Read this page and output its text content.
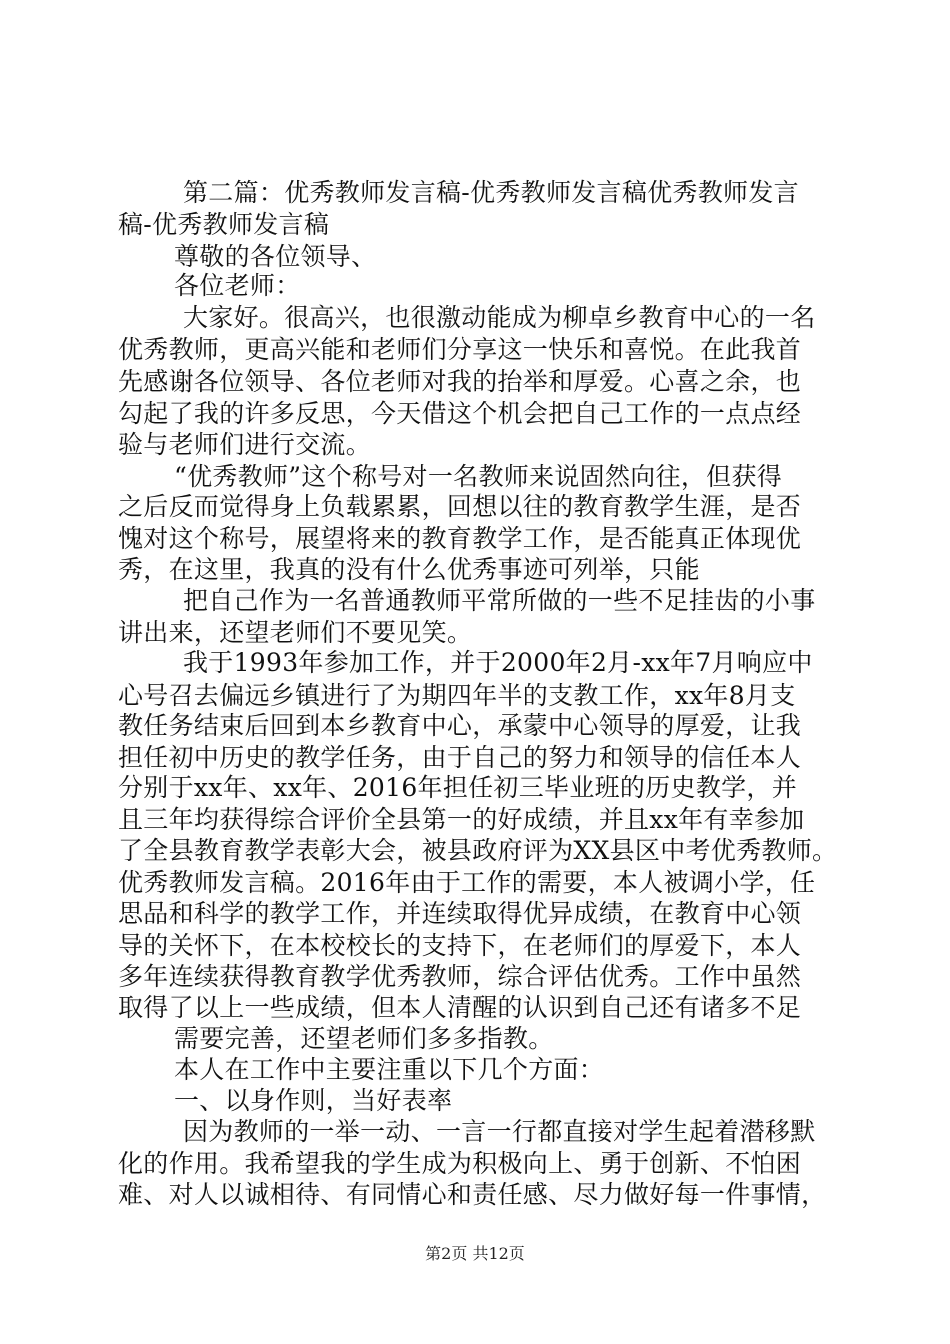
第二篇：优秀教师发言稿-优秀教师发言稿优秀教师发言
稿-优秀教师发言稿
尊敬的各位领导、
各位老师：
大家好。很高兴，也很激动能成为柳卓乡教育中心的一名
优秀教师，更高兴能和老师们分享这一快乐和喜悦。在此我首
先感谢各位领导、各位老师对我的抬举和厚爱。心喜之余，也
勾起了我的许多反思，今天借这个机会把自己工作的一点点经
验与老师们进行交流。
“优秀教师”这个称号对一名教师来说固然向往，但获得
之后反而觉得身上负载累累，回想以往的教育教学生涯，是否
愧对这个称号，展望将来的教育教学工作，是否能真正体现优
秀，在这里，我真的没有什么优秀事迹可列举，只能
把自己作为一名普通教师平常所做的一些不足挂齿的小事
讲出来，还望老师们不要见笑。
我于1993年参加工作，并于2000年2月-xx年7月响应中
心号召去偏远乡镇进行了为期四年半的支教工作，xx年8月支
教任务结束后回到本乡教育中心，承蒙中心领导的厚爱，让我
担任初中历史的教学任务，由于自己的努力和领导的信任本人
分别于xx年、xx年、2016年担任初三毕业班的历史教学，并
且三年均获得综合评价全县第一的好成绩，并且xx年有幸参加
了全县教育教学表彰大会，被县政府评为XX县区中考优秀教师。
优秀教师发言稿。2016年由于工作的需要，本人被调小学，任
思品和科学的教学工作，并连续取得优异成绩，在教育中心领
导的关怀下，在本校校长的支持下，在老师们的厚爱下，本人
多年连续获得教育教学优秀教师，综合评估优秀。工作中虽然
取得了以上一些成绩，但本人清醒的认识到自己还有诸多不足
需要完善，还望老师们多多指教。
本人在工作中主要注重以下几个方面：
一、以身作则，当好表率
因为教师的一举一动、一言一行都直接对学生起着潜移默
化的作用。我希望我的学生成为积极向上、勇于创新、不怕困
难、对人以诚相待、有同情心和责任感、尽力做好每一件事情，
第2页 共12页
